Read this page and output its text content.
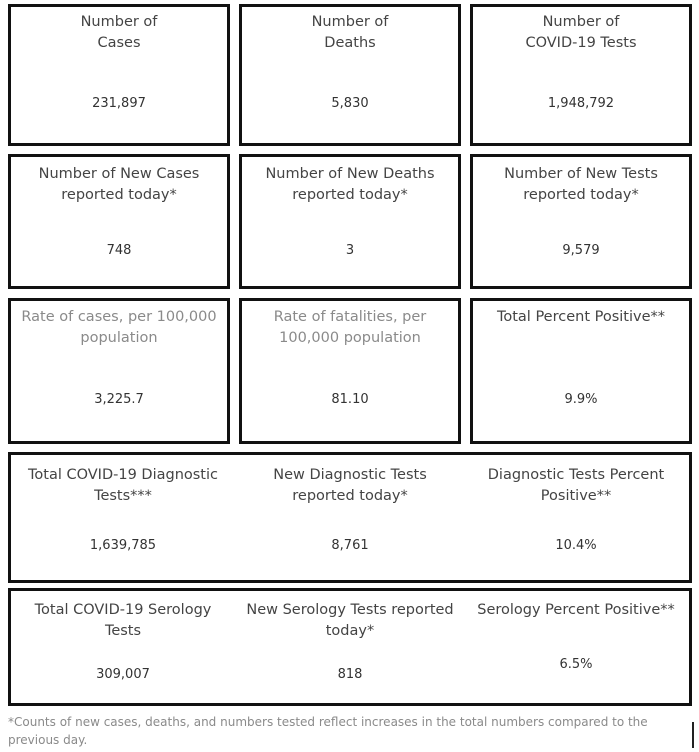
Number of
Cases
231,897
Number of
Deaths
5,830
Number of
COVID-19 Tests
1,948,792
Number of New Cases
reported today*
748
Number of New Deaths
reported today*
3
Number of New Tests
reported today*
9,579
Rate of cases, per 100,000
population
3,225.7
Rate of fatalities, per
100,000 population
81.10
Total Percent Positive**
9.9%
Total COVID-19 Diagnostic
Tests***
1,639,785
New Diagnostic Tests
reported today*
8,761
Diagnostic Tests Percent
Positive**
10.4%
Total COVID-19 Serology
Tests
309,007
New Serology Tests reported
today*
818
Serology Percent Positive**
6.5%
*Counts of new cases, deaths, and numbers tested reflect increases in the total numbers compared to the previous day.
